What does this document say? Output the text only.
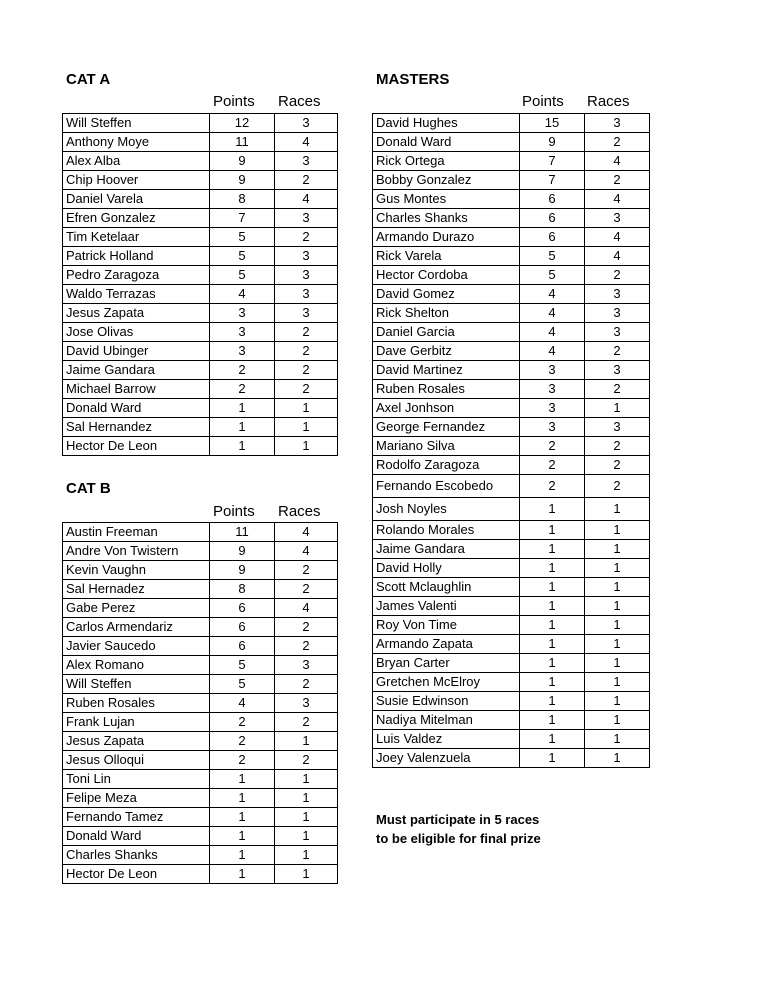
CAT A
Points Races
Will Steffen	12	3
Anthony Moye	11	4
Alex Alba	9	3
Chip Hoover	9	2
Daniel Varela	8	4
Efren Gonzalez	7	3
Tim Ketelaar	5	2
Patrick Holland	5	3
Pedro Zaragoza	5	3
Waldo Terrazas	4	3
Jesus Zapata	3	3
Jose Olivas	3	2
David Ubinger	3	2
Jaime Gandara	2	2
Michael Barrow	2	2
Donald Ward	1	1
Sal Hernandez	1	1
Hector De Leon	1	1
CAT B
Points Races
Austin Freeman	11	4
Andre Von Twistern	9	4
Kevin Vaughn	9	2
Sal Hernadez	8	2
Gabe Perez	6	4
Carlos Armendariz	6	2
Javier Saucedo	6	2
Alex Romano	5	3
Will Steffen	5	2
Ruben Rosales	4	3
Frank Lujan	2	2
Jesus Zapata	2	1
Jesus Olloqui	2	2
Toni Lin	1	1
Felipe Meza	1	1
Fernando Tamez	1	1
Donald Ward	1	1
Charles Shanks	1	1
Hector De Leon	1	1
MASTERS
Points Races
David Hughes	15	3
Donald Ward	9	2
Rick Ortega	7	4
Bobby Gonzalez	7	2
Gus Montes	6	4
Charles Shanks	6	3
Armando Durazo	6	4
Rick Varela	5	4
Hector Cordoba	5	2
David Gomez	4	3
Rick Shelton	4	3
Daniel Garcia	4	3
Dave Gerbitz	4	2
David Martinez	3	3
Ruben Rosales	3	2
Axel Jonhson	3	1
George Fernandez	3	3
Mariano Silva	2	2
Rodolfo Zaragoza	2	2
Fernando Escobedo	2	2
Josh Noyles	1	1
Rolando Morales	1	1
Jaime Gandara	1	1
David Holly	1	1
Scott Mclaughlin	1	1
James Valenti	1	1
Roy Von Time	1	1
Armando Zapata	1	1
Bryan Carter	1	1
Gretchen McElroy	1	1
Susie Edwinson	1	1
Nadiya Mitelman	1	1
Luis Valdez	1	1
Joey Valenzuela	1	1
Must participate in 5 races
to be eligible for final prize
